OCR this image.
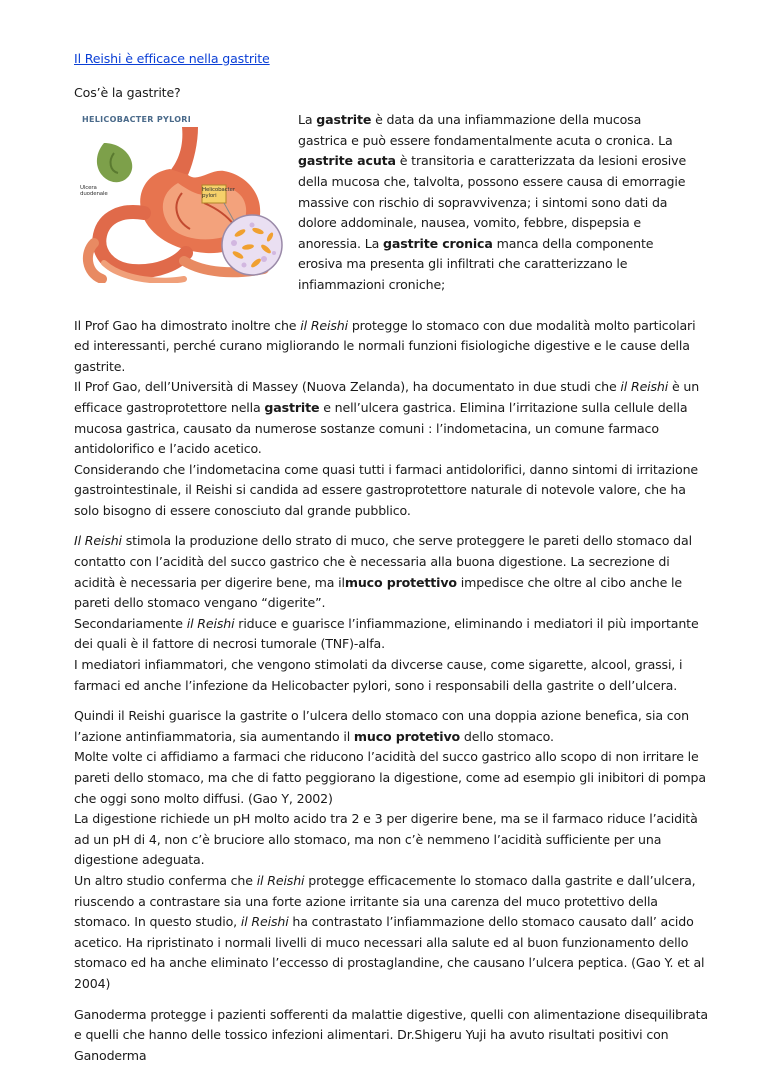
Il Reishi è efficace nella gastrite

Cos’è la gastrite?

HELICOBACTER PYLORI
Ulcera duodenale
Helicobacter pylori

La gastrite è data da una infiammazione della mucosa gastrica e può essere fondamentalmente acuta o cronica. La gastrite acuta è transitoria e caratterizzata da lesioni erosive della mucosa che, talvolta, possono essere causa di emorragie massive con rischio di sopravvivenza; i sintomi sono dati da dolore addominale, nausea, vomito, febbre, dispepsia e anoressia. La gastrite cronica manca della componente erosiva ma presenta gli infiltrati che caratterizzano le infiammazioni croniche;

Il Prof Gao ha dimostrato inoltre che il Reishi protegge lo stomaco con due modalità molto particolari ed interessanti, perché curano migliorando le normali funzioni fisiologiche digestive e le cause della gastrite.

Il Prof Gao, dell’Università di Massey (Nuova Zelanda), ha documentato in due studi che il Reishi è un efficace gastroprotettore nella gastrite e nell’ulcera gastrica. Elimina l’irritazione sulla cellule della mucosa gastrica, causato da numerose sostanze comuni : l’indometacina, un comune farmaco antidolorifico e l’acido acetico.

Considerando che l’indometacina come quasi tutti i farmaci antidolorifici, danno sintomi di irritazione gastrointestinale, il Reishi si candida ad essere gastroprotettore naturale di notevole valore, che ha solo bisogno di essere conosciuto dal grande pubblico.

Il Reishi stimola la produzione dello strato di muco, che serve proteggere le pareti dello stomaco dal contatto con l’acidità del succo gastrico che è necessaria alla buona digestione. La secrezione di acidità è necessaria per digerire bene, ma ilmuco protettivo impedisce che oltre al cibo anche le pareti dello stomaco vengano “digerite”.

Secondariamente il Reishi riduce e guarisce l’infiammazione, eliminando i mediatori il più importante dei quali è il fattore di necrosi tumorale (TNF)-alfa.

I mediatori infiammatori, che vengono stimolati da divcerse cause, come sigarette, alcool, grassi, i farmaci ed anche l’infezione da Helicobacter pylori, sono i responsabili della gastrite o dell’ulcera.

Quindi il Reishi guarisce la gastrite o l’ulcera dello stomaco con una doppia azione benefica, sia con l’azione antinfiammatoria, sia aumentando il muco protetivo dello stomaco.

Molte volte ci affidiamo a farmaci che riducono l’acidità del succo gastrico allo scopo di non irritare le pareti dello stomaco, ma che di fatto peggiorano la digestione, come ad esempio gli inibitori di pompa che oggi sono molto diffusi. (Gao Y, 2002)

La digestione richiede un pH molto acido tra 2 e 3 per digerire bene, ma se il farmaco riduce l’acidità ad un pH di 4, non c’è bruciore allo stomaco, ma non c’è nemmeno l’acidità sufficiente per una digestione adeguata.

Un altro studio conferma che il Reishi protegge efficacemente lo stomaco dalla gastrite e dall’ulcera, riuscendo a contrastare sia una forte azione irritante sia una carenza del muco protettivo della stomaco. In questo studio, il Reishi ha contrastato l’infiammazione dello stomaco causato dall’ acido acetico. Ha ripristinato i normali livelli di muco necessari alla salute ed al buon funzionamento dello stomaco ed ha anche eliminato l’eccesso di prostaglandine, che causano l’ulcera peptica. (Gao Y. et al 2004)

Ganoderma protegge i pazienti sofferenti da malattie digestive, quelli con alimentazione disequilibrata e quelli che hanno delle tossico infezioni alimentari. Dr.Shigeru Yuji ha avuto risultati positivi con Ganoderma
